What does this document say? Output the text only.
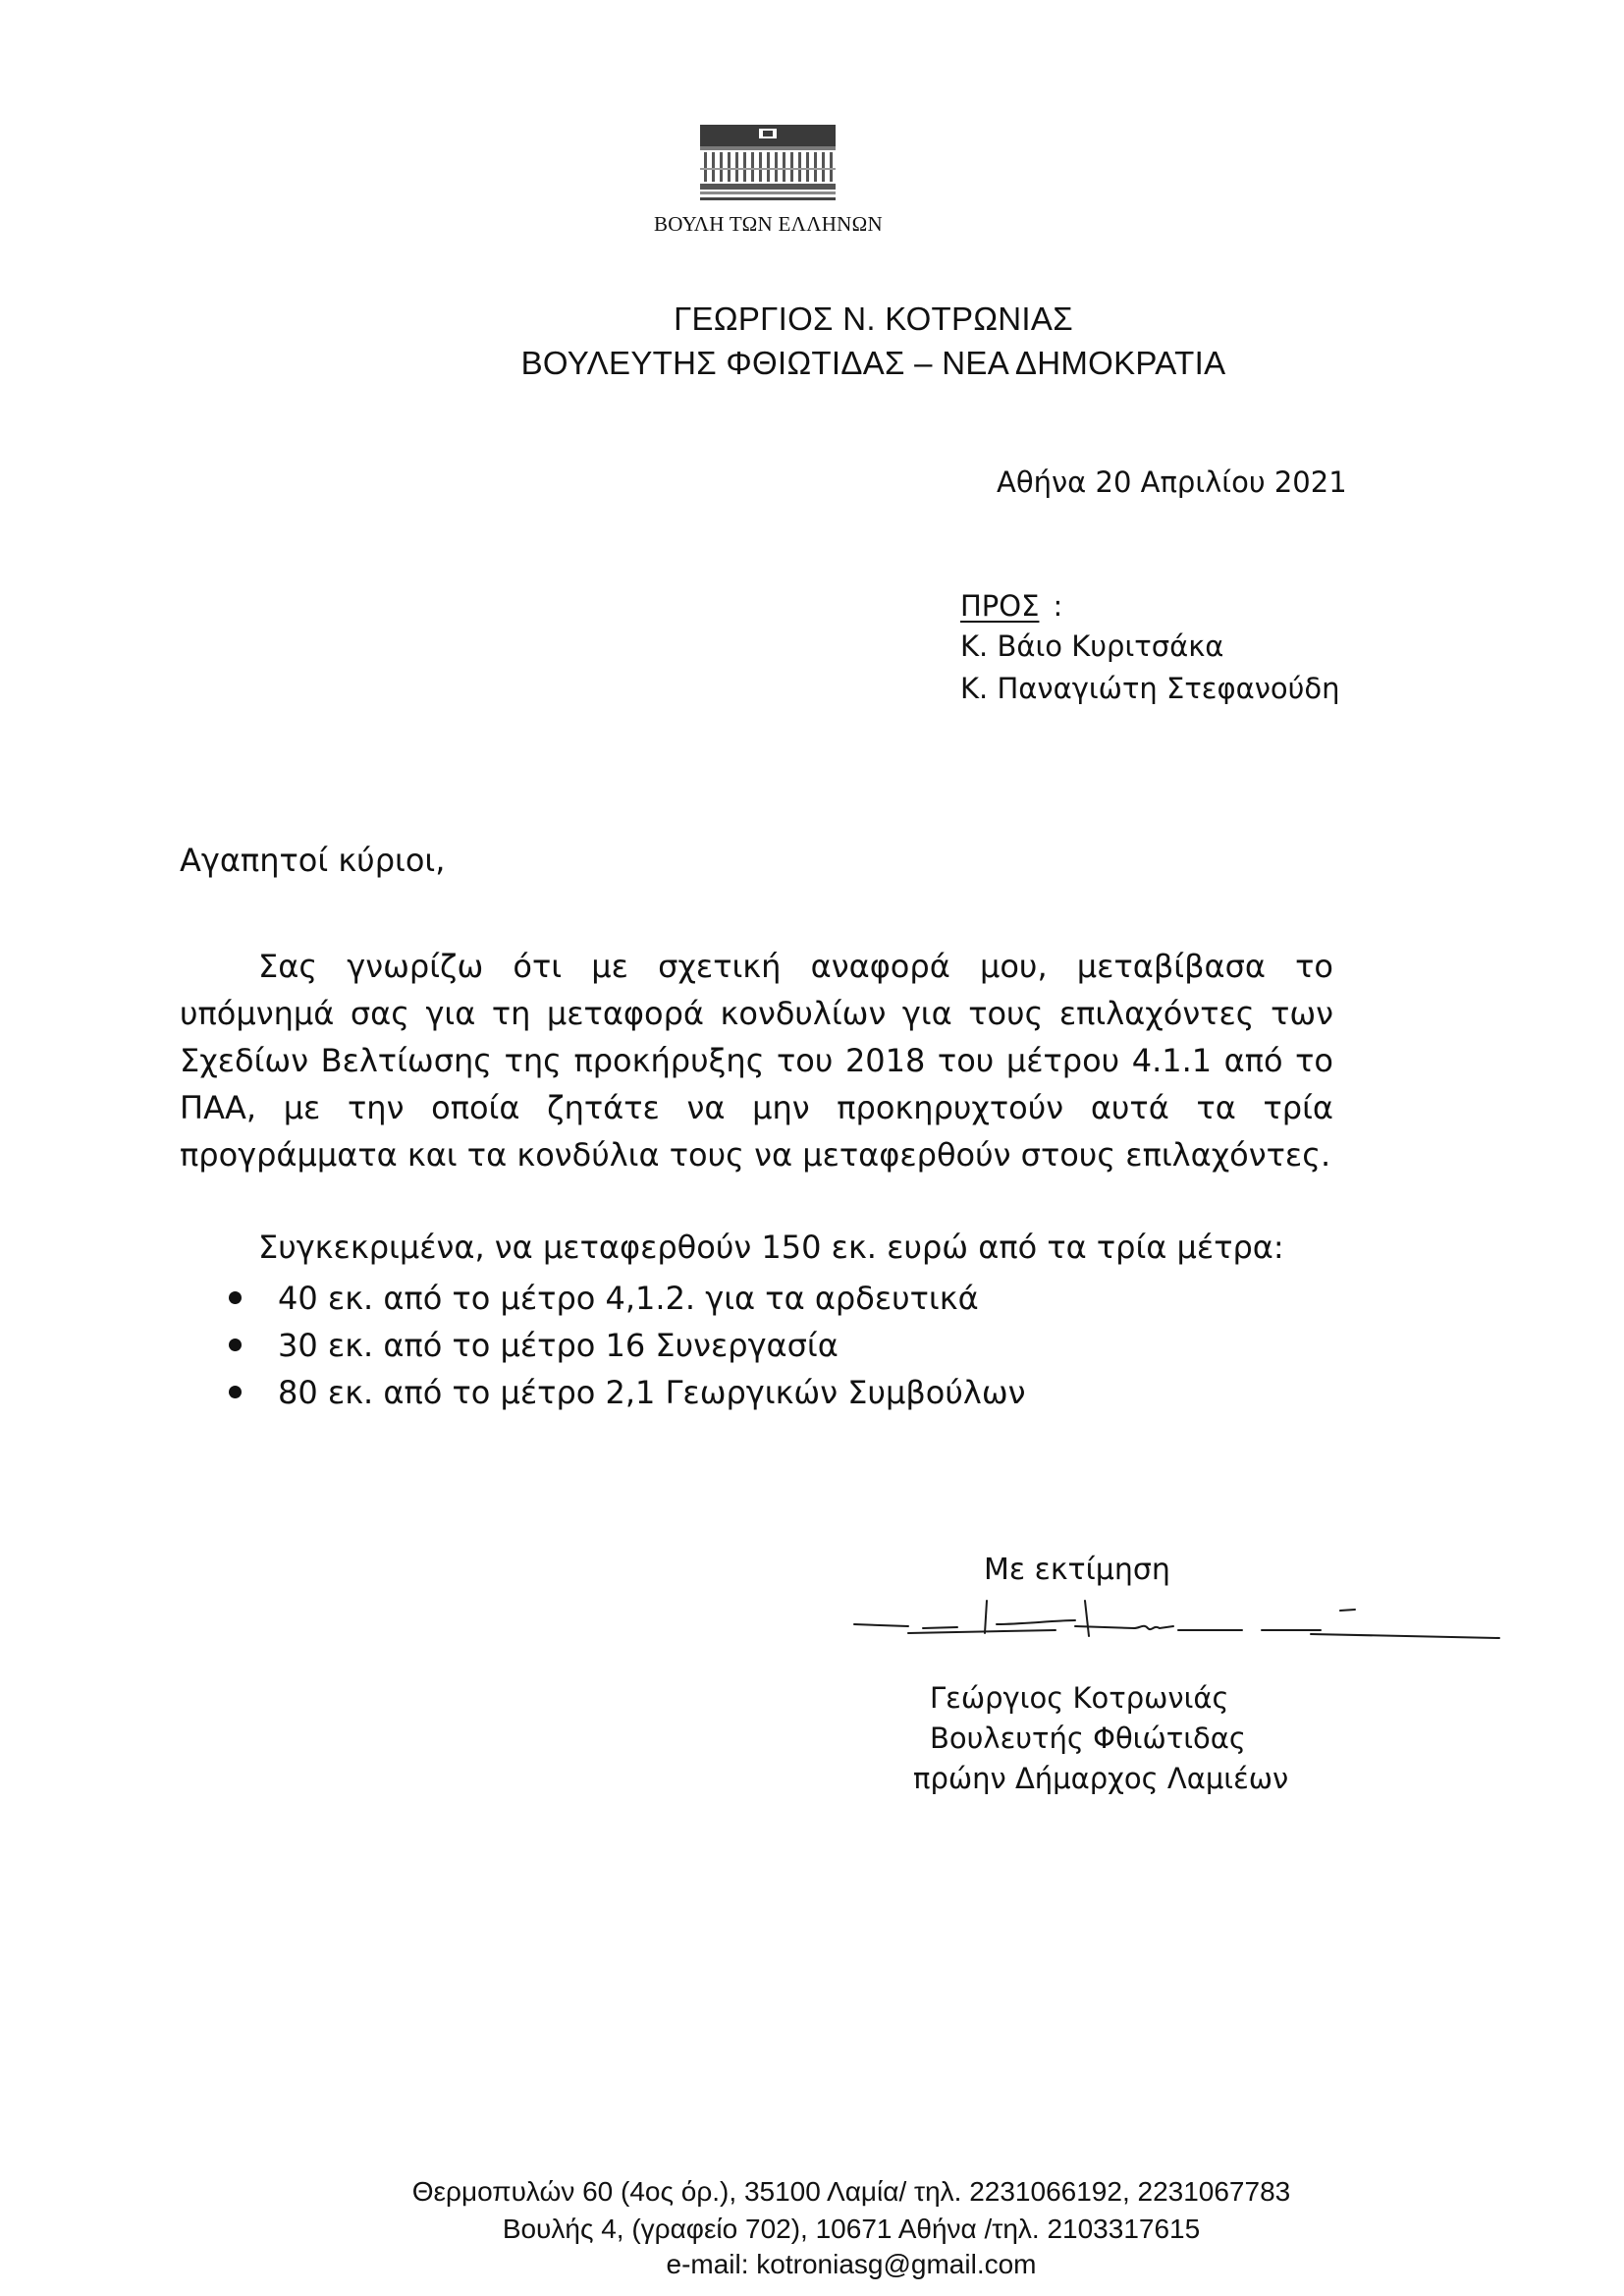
ΒΟΥΛΗ ΤΩΝ ΕΛΛΗΝΩΝ
ΓΕΩΡΓΙΟΣ Ν. ΚΟΤΡΩΝΙΑΣ
ΒΟΥΛΕΥΤΗΣ ΦΘΙΩΤΙΔΑΣ – ΝΕΑ ΔΗΜΟΚΡΑΤΙΑ
Αθήνα 20 Απριλίου 2021
ΠΡΟΣ :
Κ. Βάιο Κυριτσάκα
Κ. Παναγιώτη Στεφανούδη
Αγαπητοί κύριοι,
Σας γνωρίζω ότι με σχετική αναφορά μου, μεταβίβασα το υπόμνημά σας για τη μεταφορά κονδυλίων για τους επιλαχόντες των Σχεδίων Βελτίωσης της προκήρυξης του 2018 του μέτρου 4.1.1 από το ΠΑΑ, με την οποία ζητάτε να μην προκηρυχτούν αυτά τα τρία προγράμματα και τα κονδύλια τους να μεταφερθούν στους επιλαχόντες.
Συγκεκριμένα, να μεταφερθούν 150 εκ. ευρώ από τα τρία μέτρα:
40 εκ. από το μέτρο 4,1.2. για τα αρδευτικά
30 εκ. από το μέτρο 16 Συνεργασία
80 εκ. από το μέτρο 2,1 Γεωργικών Συμβούλων
Με εκτίμηση
Γεώργιος Κοτρωνιάς
Βουλευτής Φθιώτιδας
πρώην Δήμαρχος Λαμιέων
Θερμοπυλών 60 (4ος όρ.), 35100 Λαμία/ τηλ. 2231066192, 2231067783
Βουλής 4, (γραφείο 702), 10671 Αθήνα /τηλ. 2103317615
e-mail: kotroniasg@gmail.com
